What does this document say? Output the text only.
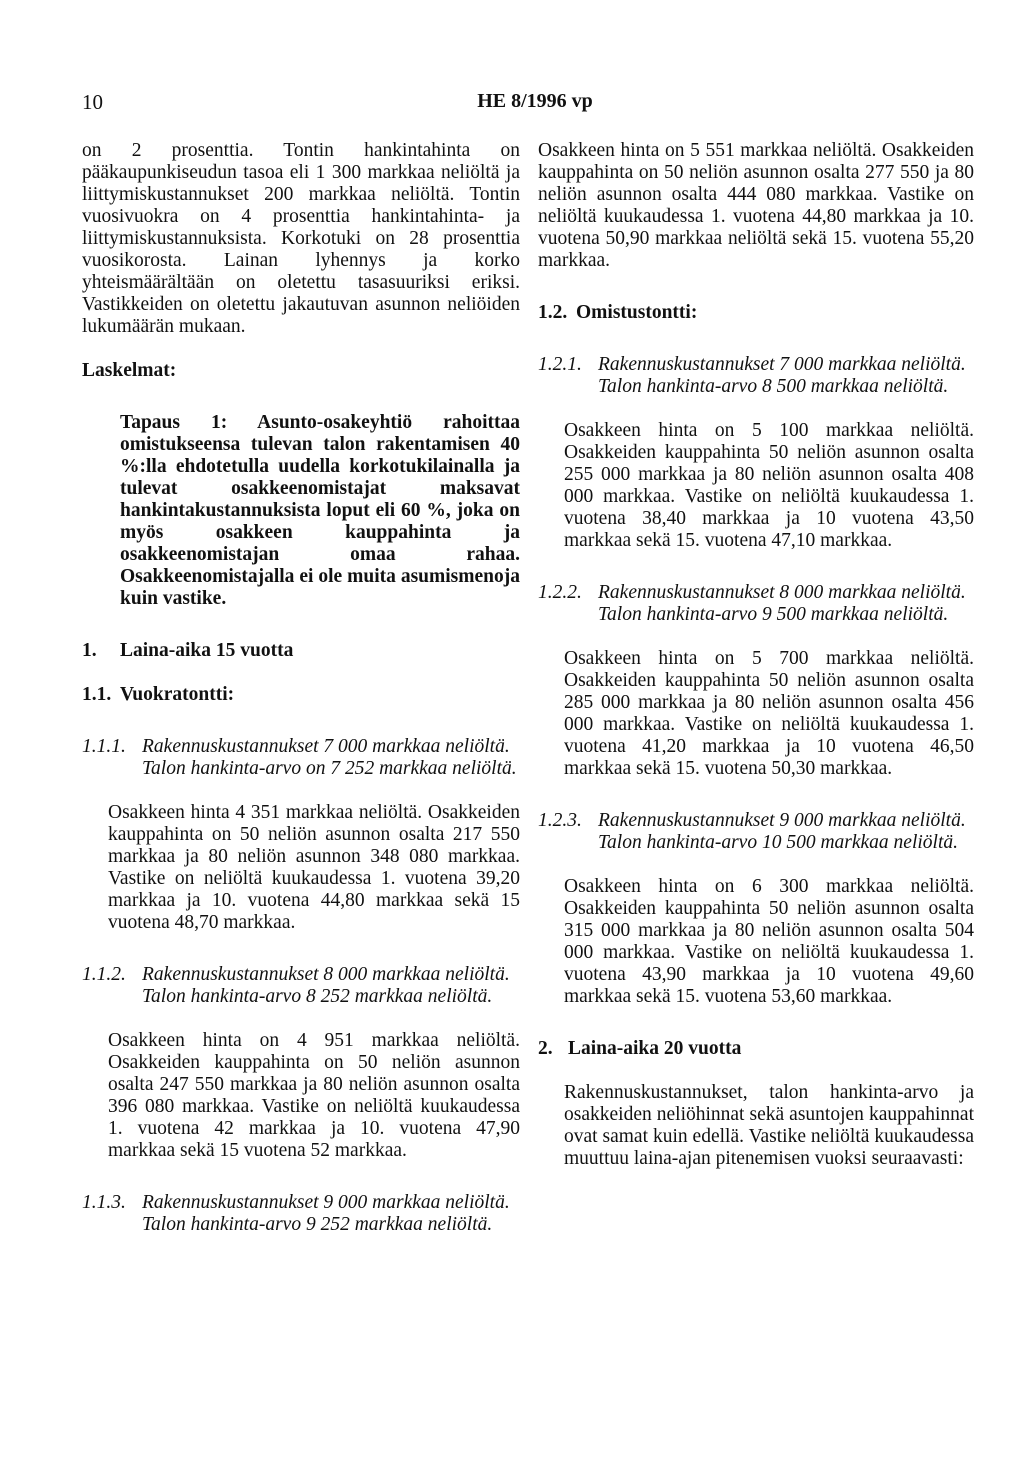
10	HE 8/1996 vp

on 2 prosenttia. Tontin hankintahinta on pääkaupunkiseudun tasoa eli 1 300 markkaa neliöltä ja liittymiskustannukset 200 markkaa neliöltä. Tontin vuosivuokra on 4 prosenttia hankintahinta- ja liittymiskustannuksista. Korkotuki on 28 prosenttia vuosikorosta. Lainan lyhennys ja korko yhteismäärältään on oletettu tasasuuriksi eriksi. Vastikkeiden on oletettu jakautuvan asunnon neliöiden lukumäärän mukaan.

Laskelmat:

Tapaus 1: Asunto-osakeyhtiö rahoittaa omistukseensa tulevan talon rakentamisen 40 %:lla ehdotetulla uudella korkotukilainalla ja tulevat osakkeenomistajat maksavat hankintakustannuksista loput eli 60 %, joka on myös osakkeen kauppahinta ja osakkeenomistajan omaa rahaa. Osakkeenomistajalla ei ole muita asumismenoja kuin vastike.

1.	Laina-aika 15 vuotta
1.1. Vuokratontti:
1.1.1. Rakennuskustannukset 7 000 markkaa neliöltä.
Talon hankinta-arvo on 7 252 markkaa neliöltä.

Osakkeen hinta 4 351 markkaa neliöltä. Osakkeiden kauppahinta on 50 neliön asunnon osalta 217 550 markkaa ja 80 neliön asunnon 348 080 markkaa. Vastike on neliöltä kuukaudessa 1. vuotena 39,20 markkaa ja 10. vuotena 44,80 markkaa sekä 15 vuotena 48,70 markkaa.

1.1.2. Rakennuskustannukset 8 000 markkaa neliöltä.
Talon hankinta-arvo 8 252 markkaa neliöltä.

Osakkeen hinta on 4 951 markkaa neliöltä. Osakkeiden kauppahinta on 50 neliön asunnon osalta 247 550 markkaa ja 80 neliön asunnon osalta 396 080 markkaa. Vastike on neliöltä kuukaudessa 1. vuotena 42 markkaa ja 10. vuotena 47,90 markkaa sekä 15 vuotena 52 markkaa.

1.1.3. Rakennuskustannukset 9 000 markkaa neliöltä.
Talon hankinta-arvo 9 252 markkaa neliöltä.

Osakkeen hinta on 5 551 markkaa neliöltä. Osakkeiden kauppahinta on 50 neliön asunnon osalta 277 550 ja 80 neliön asunnon osalta 444 080 markkaa. Vastike on neliöltä kuukaudessa 1. vuotena 44,80 markkaa ja 10. vuotena 50,90 markkaa neliöltä sekä 15. vuotena 55,20 markkaa.

1.2. Omistustontti:
1.2.1. Rakennuskustannukset 7 000 markkaa neliöltä.
Talon hankinta-arvo 8 500 markkaa neliöltä.

Osakkeen hinta on 5 100 markkaa neliöltä. Osakkeiden kauppahinta 50 neliön asunnon osalta 255 000 markkaa ja 80 neliön asunnon osalta 408 000 markkaa. Vastike on neliöltä kuukaudessa 1. vuotena 38,40 markkaa ja 10 vuotena 43,50 markkaa sekä 15. vuotena 47,10 markkaa.

1.2.2. Rakennuskustannukset 8 000 markkaa neliöltä.
Talon hankinta-arvo 9 500 markkaa neliöltä.

Osakkeen hinta on 5 700 markkaa neliöltä. Osakkeiden kauppahinta 50 neliön asunnon osalta 285 000 markkaa ja 80 neliön asunnon osalta 456 000 markkaa. Vastike on neliöltä kuukaudessa 1. vuotena 41,20 markkaa ja 10 vuotena 46,50 markkaa sekä 15. vuotena 50,30 markkaa.

1.2.3. Rakennuskustannukset 9 000 markkaa neliöltä.
Talon hankinta-arvo 10 500 markkaa neliöltä.

Osakkeen hinta on 6 300 markkaa neliöltä. Osakkeiden kauppahinta 50 neliön asunnon osalta 315 000 markkaa ja 80 neliön asunnon osalta 504 000 markkaa. Vastike on neliöltä kuukaudessa 1. vuotena 43,90 markkaa ja 10 vuotena 49,60 markkaa sekä 15. vuotena 53,60 markkaa.

2. Laina-aika 20 vuotta

Rakennuskustannukset, talon hankinta-arvo ja osakkeiden neliöhinnat sekä asuntojen kauppahinnat ovat samat kuin edellä. Vastike neliöltä kuukaudessa muuttuu laina-ajan pitenemisen vuoksi seuraavasti:
